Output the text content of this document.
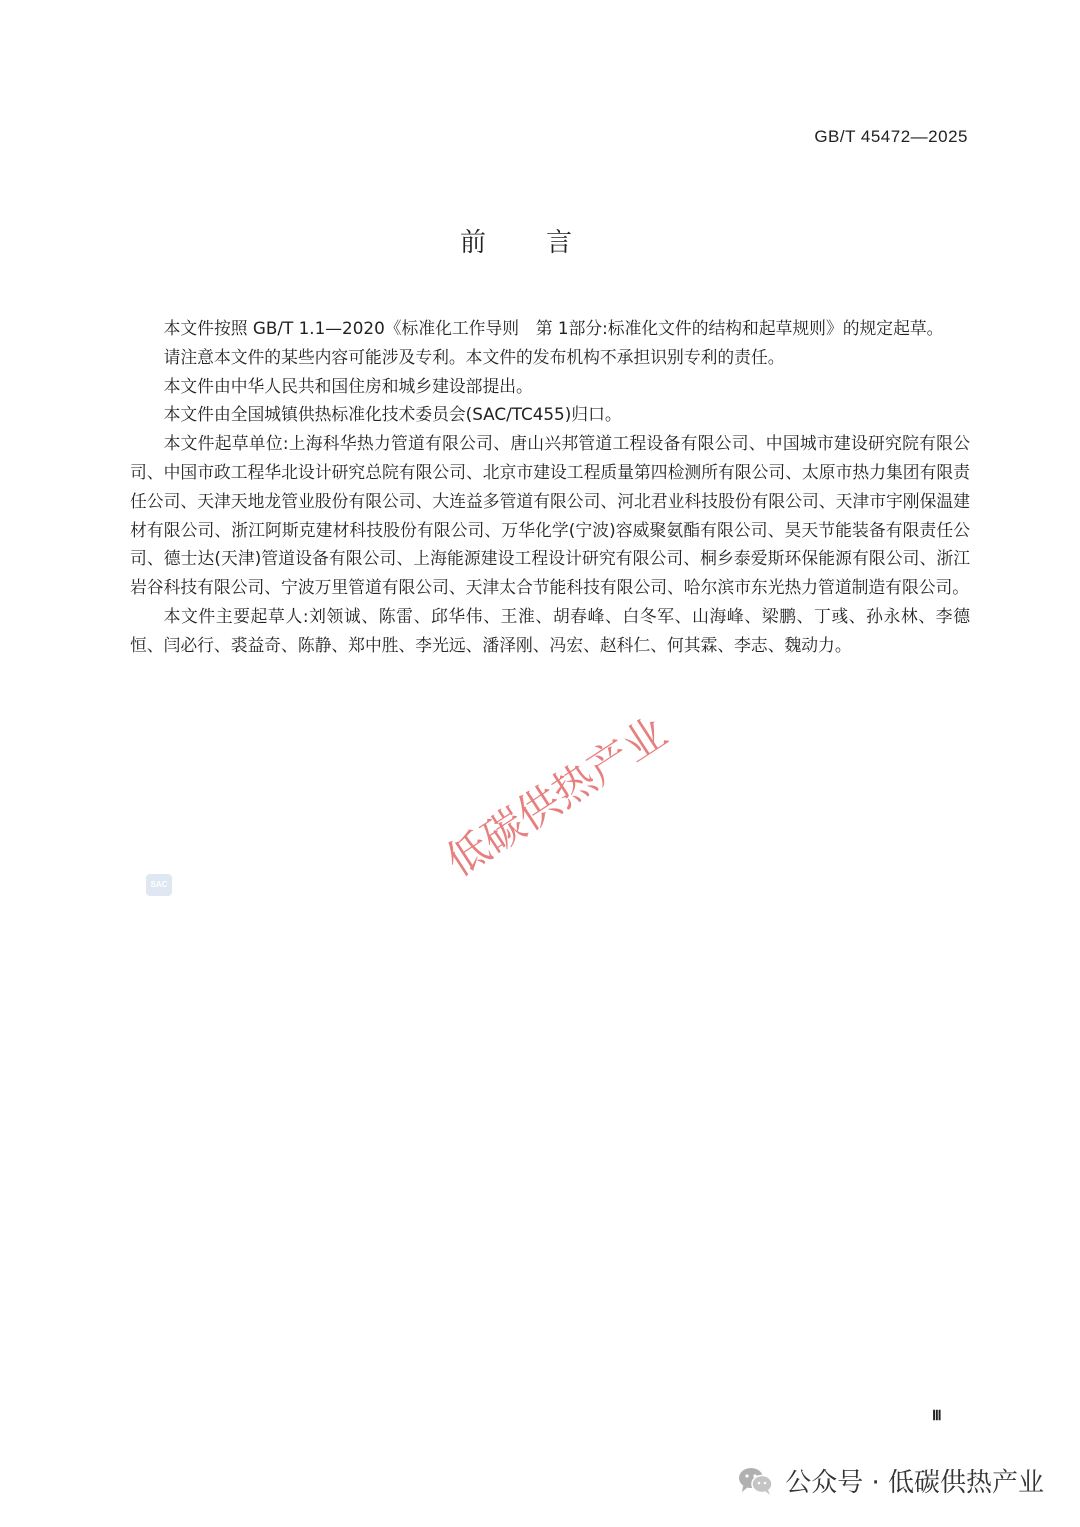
GB/T 45472—2025
前言

本文件按照 GB/T 1.1—2020《标准化工作导则　第 1部分:标准化文件的结构和起草规则》的规定起草。

请注意本文件的某些内容可能涉及专利。本文件的发布机构不承担识别专利的责任。

本文件由中华人民共和国住房和城乡建设部提出。

本文件由全国城镇供热标准化技术委员会(SAC/TC455)归口。

本文件起草单位:上海科华热力管道有限公司、唐山兴邦管道工程设备有限公司、中国城市建设研究院有限公司、中国市政工程华北设计研究总院有限公司、北京市建设工程质量第四检测所有限公司、太原市热力集团有限责任公司、天津天地龙管业股份有限公司、大连益多管道有限公司、河北君业科技股份有限公司、天津市宇刚保温建材有限公司、浙江阿斯克建材科技股份有限公司、万华化学(宁波)容威聚氨酯有限公司、昊天节能装备有限责任公司、德士达(天津)管道设备有限公司、上海能源建设工程设计研究有限公司、桐乡泰爱斯环保能源有限公司、浙江岩谷科技有限公司、宁波万里管道有限公司、天津太合节能科技有限公司、哈尔滨市东光热力管道制造有限公司。

本文件主要起草人:刘领诚、陈雷、邱华伟、王淮、胡春峰、白冬军、山海峰、梁鹏、丁彧、孙永林、李德恒、闫必行、裘益奇、陈静、郑中胜、李光远、潘泽刚、冯宏、赵科仁、何其霖、李志、魏动力。

低碳供热产业
SAC
Ⅲ
公众号 · 低碳供热产业
